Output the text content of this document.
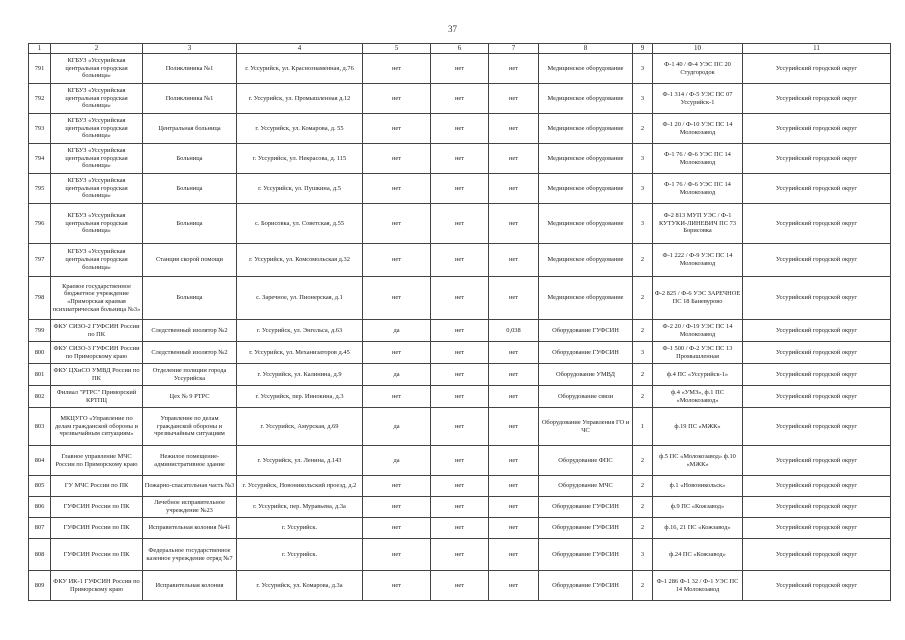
37
1	2	3	4	5	6	7	8	9	10	11
791	КГБУЗ «Уссурийская центральная городская больница»	Поликлиника №1	г. Уссурийск, ул. Краснознаменная, д.76	нет	нет	нет	Медицинское оборудование	3	Ф-1 40 / Ф-4 УЭС ПС 20 Студгородок	Уссурийский городской округ
792	КГБУЗ «Уссурийская центральная городская больница»	Поликлиника №1	г. Уссурийск, ул. Промышленная д.12	нет	нет	нет	Медицинское оборудование	3	Ф-1 314 / Ф-5 УЭС ПС 07 Уссурийск-1	Уссурийский городской округ
793	КГБУЗ «Уссурийская центральная городская больница»	Центральная больница	г. Уссурийск, ул. Комарова, д. 55	нет	нет	нет	Медицинское оборудование	2	Ф-1 20 / Ф-10 УЭС ПС 14 Молокозавод	Уссурийский городской округ
794	КГБУЗ «Уссурийская центральная городская больница»	Больница	г. Уссурийск, ул. Некрасова, д. 115	нет	нет	нет	Медицинское оборудование	3	Ф-1 76 / Ф-6 УЭС ПС 14 Молокозавод	Уссурийский городской округ
795	КГБУЗ «Уссурийская центральная городская больница»	Больница	г. Уссурийск, ул. Пушкина, д.5	нет	нет	нет	Медицинское оборудование	3	Ф-1 76 / Ф-6 УЭС ПС 14 Молокозавод	Уссурийский городской округ
796	КГБУЗ «Уссурийская центральная городская больница»	Больница	с. Борисовка, ул. Советская, д.55	нет	нет	нет	Медицинское оборудование	3	Ф-2 813 МУП УЭС / Ф-1 КУТУКИ-ЛИНЕВИЧ ПС 73 Борисовка	Уссурийский городской округ
797	КГБУЗ «Уссурийская центральная городская больница»	Станция скорой помощи	г. Уссурийск, ул. Комсомольская д.32	нет	нет	нет	Медицинское оборудование	2	Ф-1 222 / Ф-9 УЭС ПС 14 Молокозавод	Уссурийский городской округ
798	Краевое государственное бюджетное учреждение «Приморская краевая психиатрическая больница №3»	Больница	с. Заречное, ул. Пионерская, д.1	нет	нет	нет	Медицинское оборудование	2	Ф-2 825 / Ф-6 УЭС ЗАРЕЧНОЕ ПС 18 Баневурово	Уссурийский городской округ
799	ФКУ СИЗО-2 ГУФСИН России по ПК	Следственный изолятор №2	г. Уссурийск, ул. Энгельса, д.63	да	нет	0,038	Оборудование ГУФСИН	2	Ф-2 20 / Ф-19 УЭС ПС 14 Молокозавод	Уссурийский городской округ
800	ФКУ СИЗО-3 ГУФСИН России по Приморскому краю	Следственный изолятор №2	г. Уссурийск, ул. Механизаторов д.45	нет	нет	нет	Оборудование ГУФСИН	3	Ф-1 500 / Ф-2 УЭС ПС 13 Промышленная	Уссурийский городской округ
801	ФКУ ЦХиСО УМВД России по ПК	Отделение полиции города Уссурийска	г. Уссурийск, ул. Калинина, д.9	да	нет	нет	Оборудование УМВД	2	ф.4 ПС «Уссурийск-1»	Уссурийский городской округ
802	Филиал "РТРС" Приморский КРТПЦ	Цех № 9 РТРС	г. Уссурийск, пер. Иннокина, д.3	нет	нет	нет	Оборудование связи	2	ф.4 «УМЗ», ф.1 ПС «Молокозавод»	Уссурийский городской округ
803	МКЦУГО «Управление по делам гражданской обороны и чрезвычайным ситуациям»	Управление по делам гражданской обороны и чрезвычайным ситуациям	г. Уссурийск, Амурская, д.69	да	нет	нет	Оборудование Управления ГО и ЧС	1	ф.19 ПС «МЖК»	Уссурийский городской округ
804	Главное управление МЧС России по Приморскому краю	Нежилое помещение-административное здание	г. Уссурийск, ул. Ленина, д.143	да	нет	нет	Оборудование ФПС	2	ф.5 ПС «Молокозавод» ф.10 «МЖК»	Уссурийский городской округ
805	ГУ МЧС России по ПК	Пожарно-спасательная часть №3	г. Уссурийск, Новоникольский проезд, д.2	нет	нет	нет	Оборудование МЧС	2	ф.1 «Новоникольск»	Уссурийский городской округ
806	ГУФСИН России по ПК	Лечебное исправительное учреждение №23	г. Уссурийск, пер. Муравьева, д.3а	нет	нет	нет	Оборудование ГУФСИН	2	ф.9 ПС «Кожзавод»	Уссурийский городской округ
807	ГУФСИН России по ПК	Исправительная колония №41	г. Уссурийск.	нет	нет	нет	Оборудование ГУФСИН	2	ф.16, 21 ПС «Кожзавод»	Уссурийский городской округ
808	ГУФСИН России по ПК	Федеральное государственное казенное учреждение отряд №7	г. Уссурийск.	нет	нет	нет	Оборудование ГУФСИН	3	ф.24 ПС «Кожзавод»	Уссурийский городской округ
809	ФКУ ИК-1 ГУФСИН России по Приморскому краю	Исправительная колония	г. Уссурийск, ул. Комарова, д.3а	нет	нет	нет	Оборудование ГУФСИН	2	Ф-1 286 Ф-1 32 / Ф-1 УЭС ПС 14 Молокозавод	Уссурийский городской округ
